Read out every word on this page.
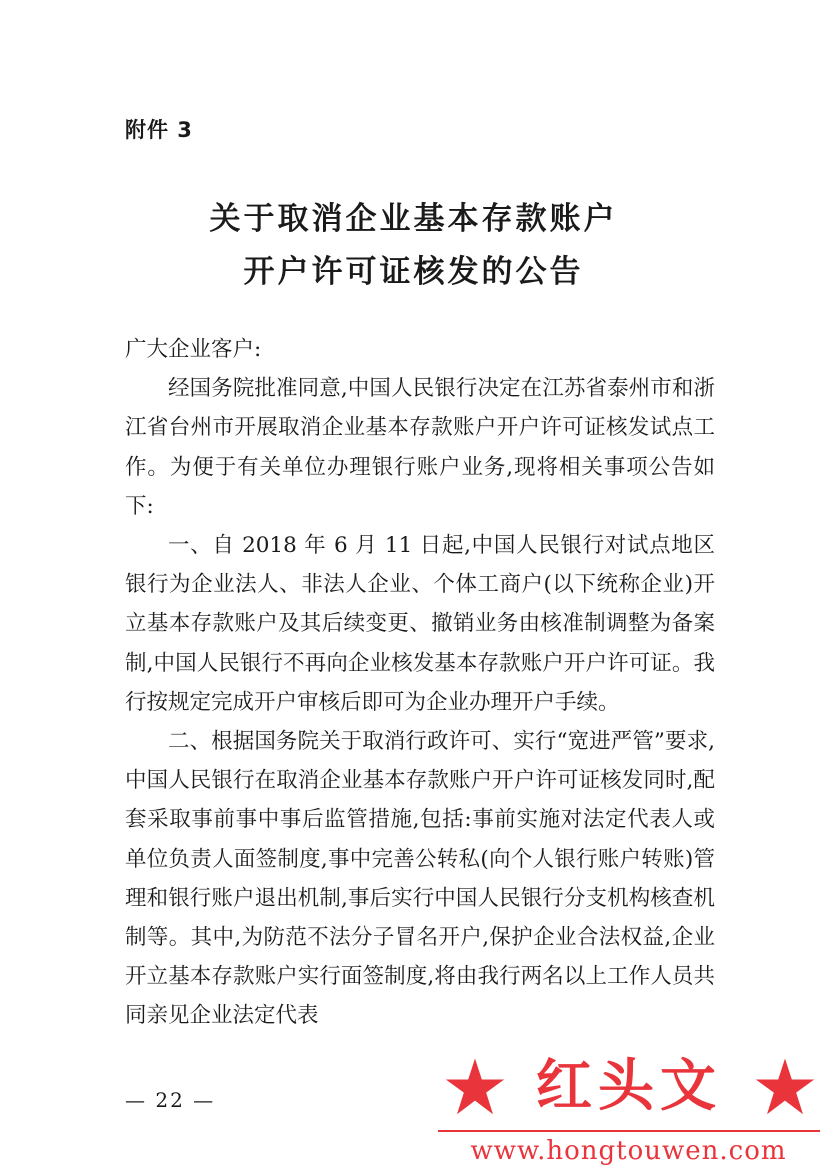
附件 3
关于取消企业基本存款账户
开户许可证核发的公告

广大企业客户:

经国务院批准同意,中国人民银行决定在江苏省泰州市和浙江省台州市开展取消企业基本存款账户开户许可证核发试点工作。为便于有关单位办理银行账户业务,现将相关事项公告如下:

一、自 2018 年 6 月 11 日起,中国人民银行对试点地区银行为企业法人、非法人企业、个体工商户(以下统称企业)开立基本存款账户及其后续变更、撤销业务由核准制调整为备案制,中国人民银行不再向企业核发基本存款账户开户许可证。我行按规定完成开户审核后即可为企业办理开户手续。

二、根据国务院关于取消行政许可、实行“宽进严管”要求,中国人民银行在取消企业基本存款账户开户许可证核发同时,配套采取事前事中事后监管措施,包括:事前实施对法定代表人或单位负责人面签制度,事中完善公转私(向个人银行账户转账)管理和银行账户退出机制,事后实行中国人民银行分支机构核查机制等。其中,为防范不法分子冒名开户,保护企业合法权益,企业开立基本存款账户实行面签制度,将由我行两名以上工作人员共同亲见企业法定代表

— 22 —	红头文
www.hongtouwen.com
